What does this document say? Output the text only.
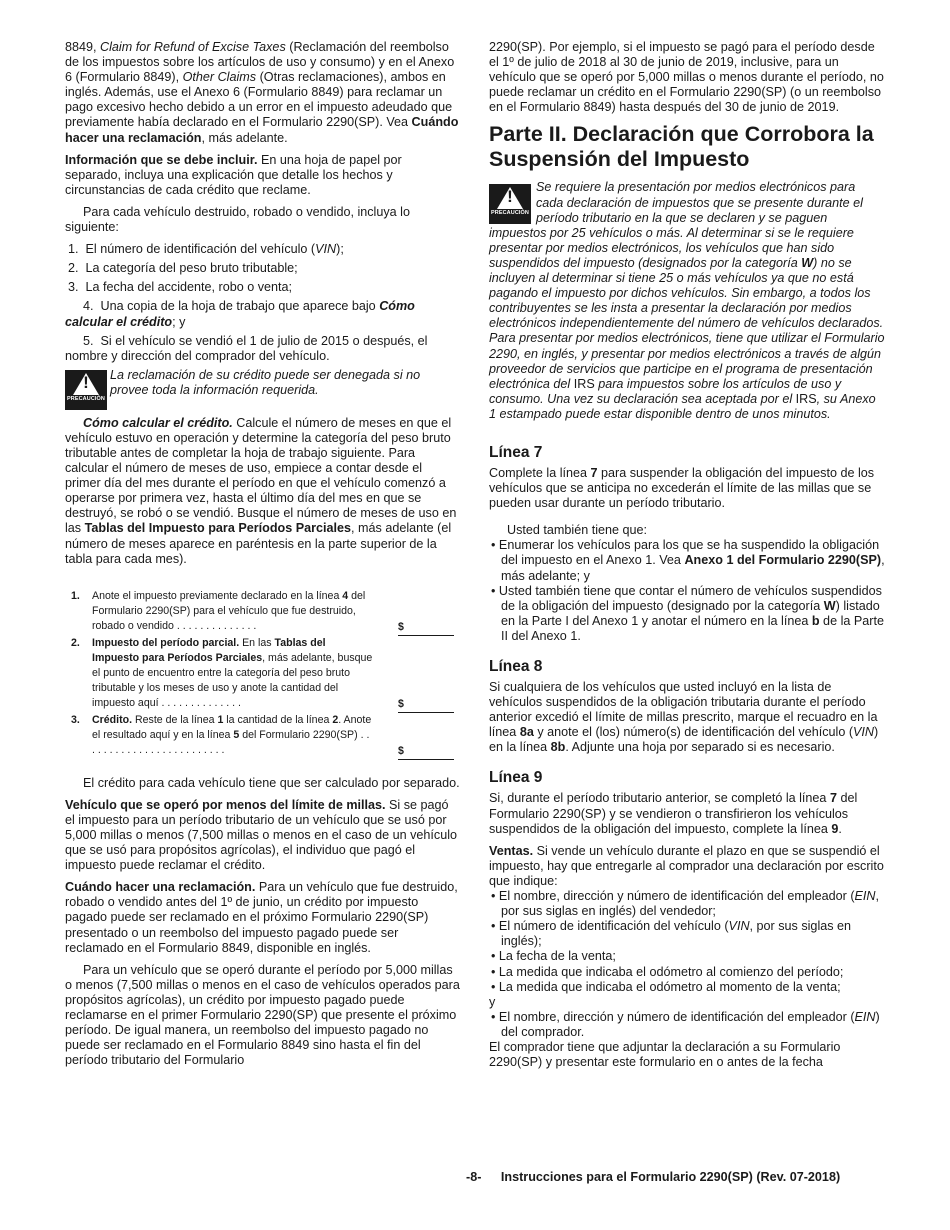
8849, Claim for Refund of Excise Taxes (Reclamación del reembolso de los impuestos sobre los artículos de uso y consumo) y en el Anexo 6 (Formulario 8849), Other Claims (Otras reclamaciones), ambos en inglés. Además, use el Anexo 6 (Formulario 8849) para reclamar un pago excesivo hecho debido a un error en el impuesto adeudado que previamente había declarado en el Formulario 2290(SP). Vea Cuándo hacer una reclamación, más adelante.

Información que se debe incluir. En una hoja de papel por separado, incluya una explicación que detalle los hechos y circunstancias de cada crédito que reclame.

Para cada vehículo destruido, robado o vendido, incluya lo siguiente:

1. El número de identificación del vehículo (VIN);

2. La categoría del peso bruto tributable;

3. La fecha del accidente, robo o venta;

4. Una copia de la hoja de trabajo que aparece bajo Cómo calcular el crédito; y

5. Si el vehículo se vendió el 1 de julio de 2015 o después, el nombre y dirección del comprador del vehículo.

!
PRECAUCIÓN
La reclamación de su crédito puede ser denegada si no provee toda la información requerida.

Cómo calcular el crédito. Calcule el número de meses en que el vehículo estuvo en operación y determine la categoría del peso bruto tributable antes de completar la hoja de trabajo siguiente. Para calcular el número de meses de uso, empiece a contar desde el primer día del mes durante el período en que el vehículo comenzó a operarse por primera vez, hasta el último día del mes en que se destruyó, se robó o se vendió. Busque el número de meses de uso en las Tablas del Impuesto para Períodos Parciales, más adelante (el número de meses aparece en paréntesis en la parte superior de la tabla para cada mes).

1. Anote el impuesto previamente declarado en la línea 4 del Formulario 2290(SP) para el vehículo que fue destruido, robado o vendido . . . . . . . . . . . . . .	$
2. Impuesto del período parcial. En las Tablas del Impuesto para Períodos Parciales, más adelante, busque el punto de encuentro entre la categoría del peso bruto tributable y los meses de uso y anote la cantidad del impuesto aquí . . . . . . . . . . . . . .	$
3. Crédito. Reste de la línea 1 la cantidad de la línea 2. Anote el resultado aquí y en la línea 5 del Formulario 2290(SP) . . . . . . . . . . . . . . . . . . . . . . . . .	$

El crédito para cada vehículo tiene que ser calculado por separado.

Vehículo que se operó por menos del límite de millas. Si se pagó el impuesto para un período tributario de un vehículo que se usó por 5,000 millas o menos (7,500 millas o menos en el caso de un vehículo que se usó para propósitos agrícolas), el individuo que pagó el impuesto puede reclamar el crédito.

Cuándo hacer una reclamación. Para un vehículo que fue destruido, robado o vendido antes del 1º de junio, un crédito por impuesto pagado puede ser reclamado en el próximo Formulario 2290(SP) presentado o un reembolso del impuesto pagado puede ser reclamado en el Formulario 8849, disponible en inglés.

Para un vehículo que se operó durante el período por 5,000 millas o menos (7,500 millas o menos en el caso de vehículos operados para propósitos agrícolas), un crédito por impuesto pagado puede reclamarse en el primer Formulario 2290(SP) que presente el próximo período. De igual manera, un reembolso del impuesto pagado no puede ser reclamado en el Formulario 8849 sino hasta el fin del período tributario del Formulario

2290(SP). Por ejemplo, si el impuesto se pagó para el período desde el 1º de julio de 2018 al 30 de junio de 2019, inclusive, para un vehículo que se operó por 5,000 millas o menos durante el período, no puede reclamar un crédito en el Formulario 2290(SP) (o un reembolso en el Formulario 8849) hasta después del 30 de junio de 2019.

Parte II. Declaración que Corrobora la Suspensión del Impuesto
!
PRECAUCIÓN
Se requiere la presentación por medios electrónicos para cada declaración de impuestos que se presente durante el período tributario en la que se declaren y se paguen impuestos por 25 vehículos o más. Al determinar si se le requiere presentar por medios electrónicos, los vehículos que han sido suspendidos del impuesto (designados por la categoría W) no se incluyen al determinar si tiene 25 o más vehículos ya que no está pagando el impuesto por dichos vehículos. Sin embargo, a todos los contribuyentes se les insta a presentar la declaración por medios electrónicos independientemente del número de vehículos declarados. Para presentar por medios electrónicos, tiene que utilizar el Formulario 2290, en inglés, y presentar por medios electrónicos a través de algún proveedor de servicios que participe en el programa de presentación electrónica del IRS para impuestos sobre los artículos de uso y consumo. Una vez su declaración sea aceptada por el IRS, su Anexo 1 estampado puede estar disponible dentro de unos minutos.
Línea 7

Complete la línea 7 para suspender la obligación del impuesto de los vehículos que se anticipa no excederán el límite de las millas que se pueden usar durante un período tributario.

Usted también tiene que:

• Enumerar los vehículos para los que se ha suspendido la obligación del impuesto en el Anexo 1. Vea Anexo 1 del Formulario 2290(SP), más adelante; y

• Usted también tiene que contar el número de vehículos suspendidos de la obligación del impuesto (designado por la categoría W) listado en la Parte I del Anexo 1 y anotar el número en la línea b de la Parte II del Anexo 1.

Línea 8

Si cualquiera de los vehículos que usted incluyó en la lista de vehículos suspendidos de la obligación tributaria durante el período anterior excedió el límite de millas prescrito, marque el recuadro en la línea 8a y anote el (los) número(s) de identificación del vehículo (VIN) en la línea 8b. Adjunte una hoja por separado si es necesario.

Línea 9

Si, durante el período tributario anterior, se completó la línea 7 del Formulario 2290(SP) y se vendieron o transfirieron los vehículos suspendidos de la obligación del impuesto, complete la línea 9.

Ventas. Si vende un vehículo durante el plazo en que se suspendió el impuesto, hay que entregarle al comprador una declaración por escrito que indique:

• El nombre, dirección y número de identificación del empleador (EIN, por sus siglas en inglés) del vendedor;

• El número de identificación del vehículo (VIN, por sus siglas en inglés);

• La fecha de la venta;

• La medida que indicaba el odómetro al comienzo del período;

• La medida que indicaba el odómetro al momento de la venta;

y

• El nombre, dirección y número de identificación del empleador (EIN) del comprador.

El comprador tiene que adjuntar la declaración a su Formulario 2290(SP) y presentar este formulario en o antes de la fecha

-8- Instrucciones para el Formulario 2290(SP) (Rev. 07-2018)
